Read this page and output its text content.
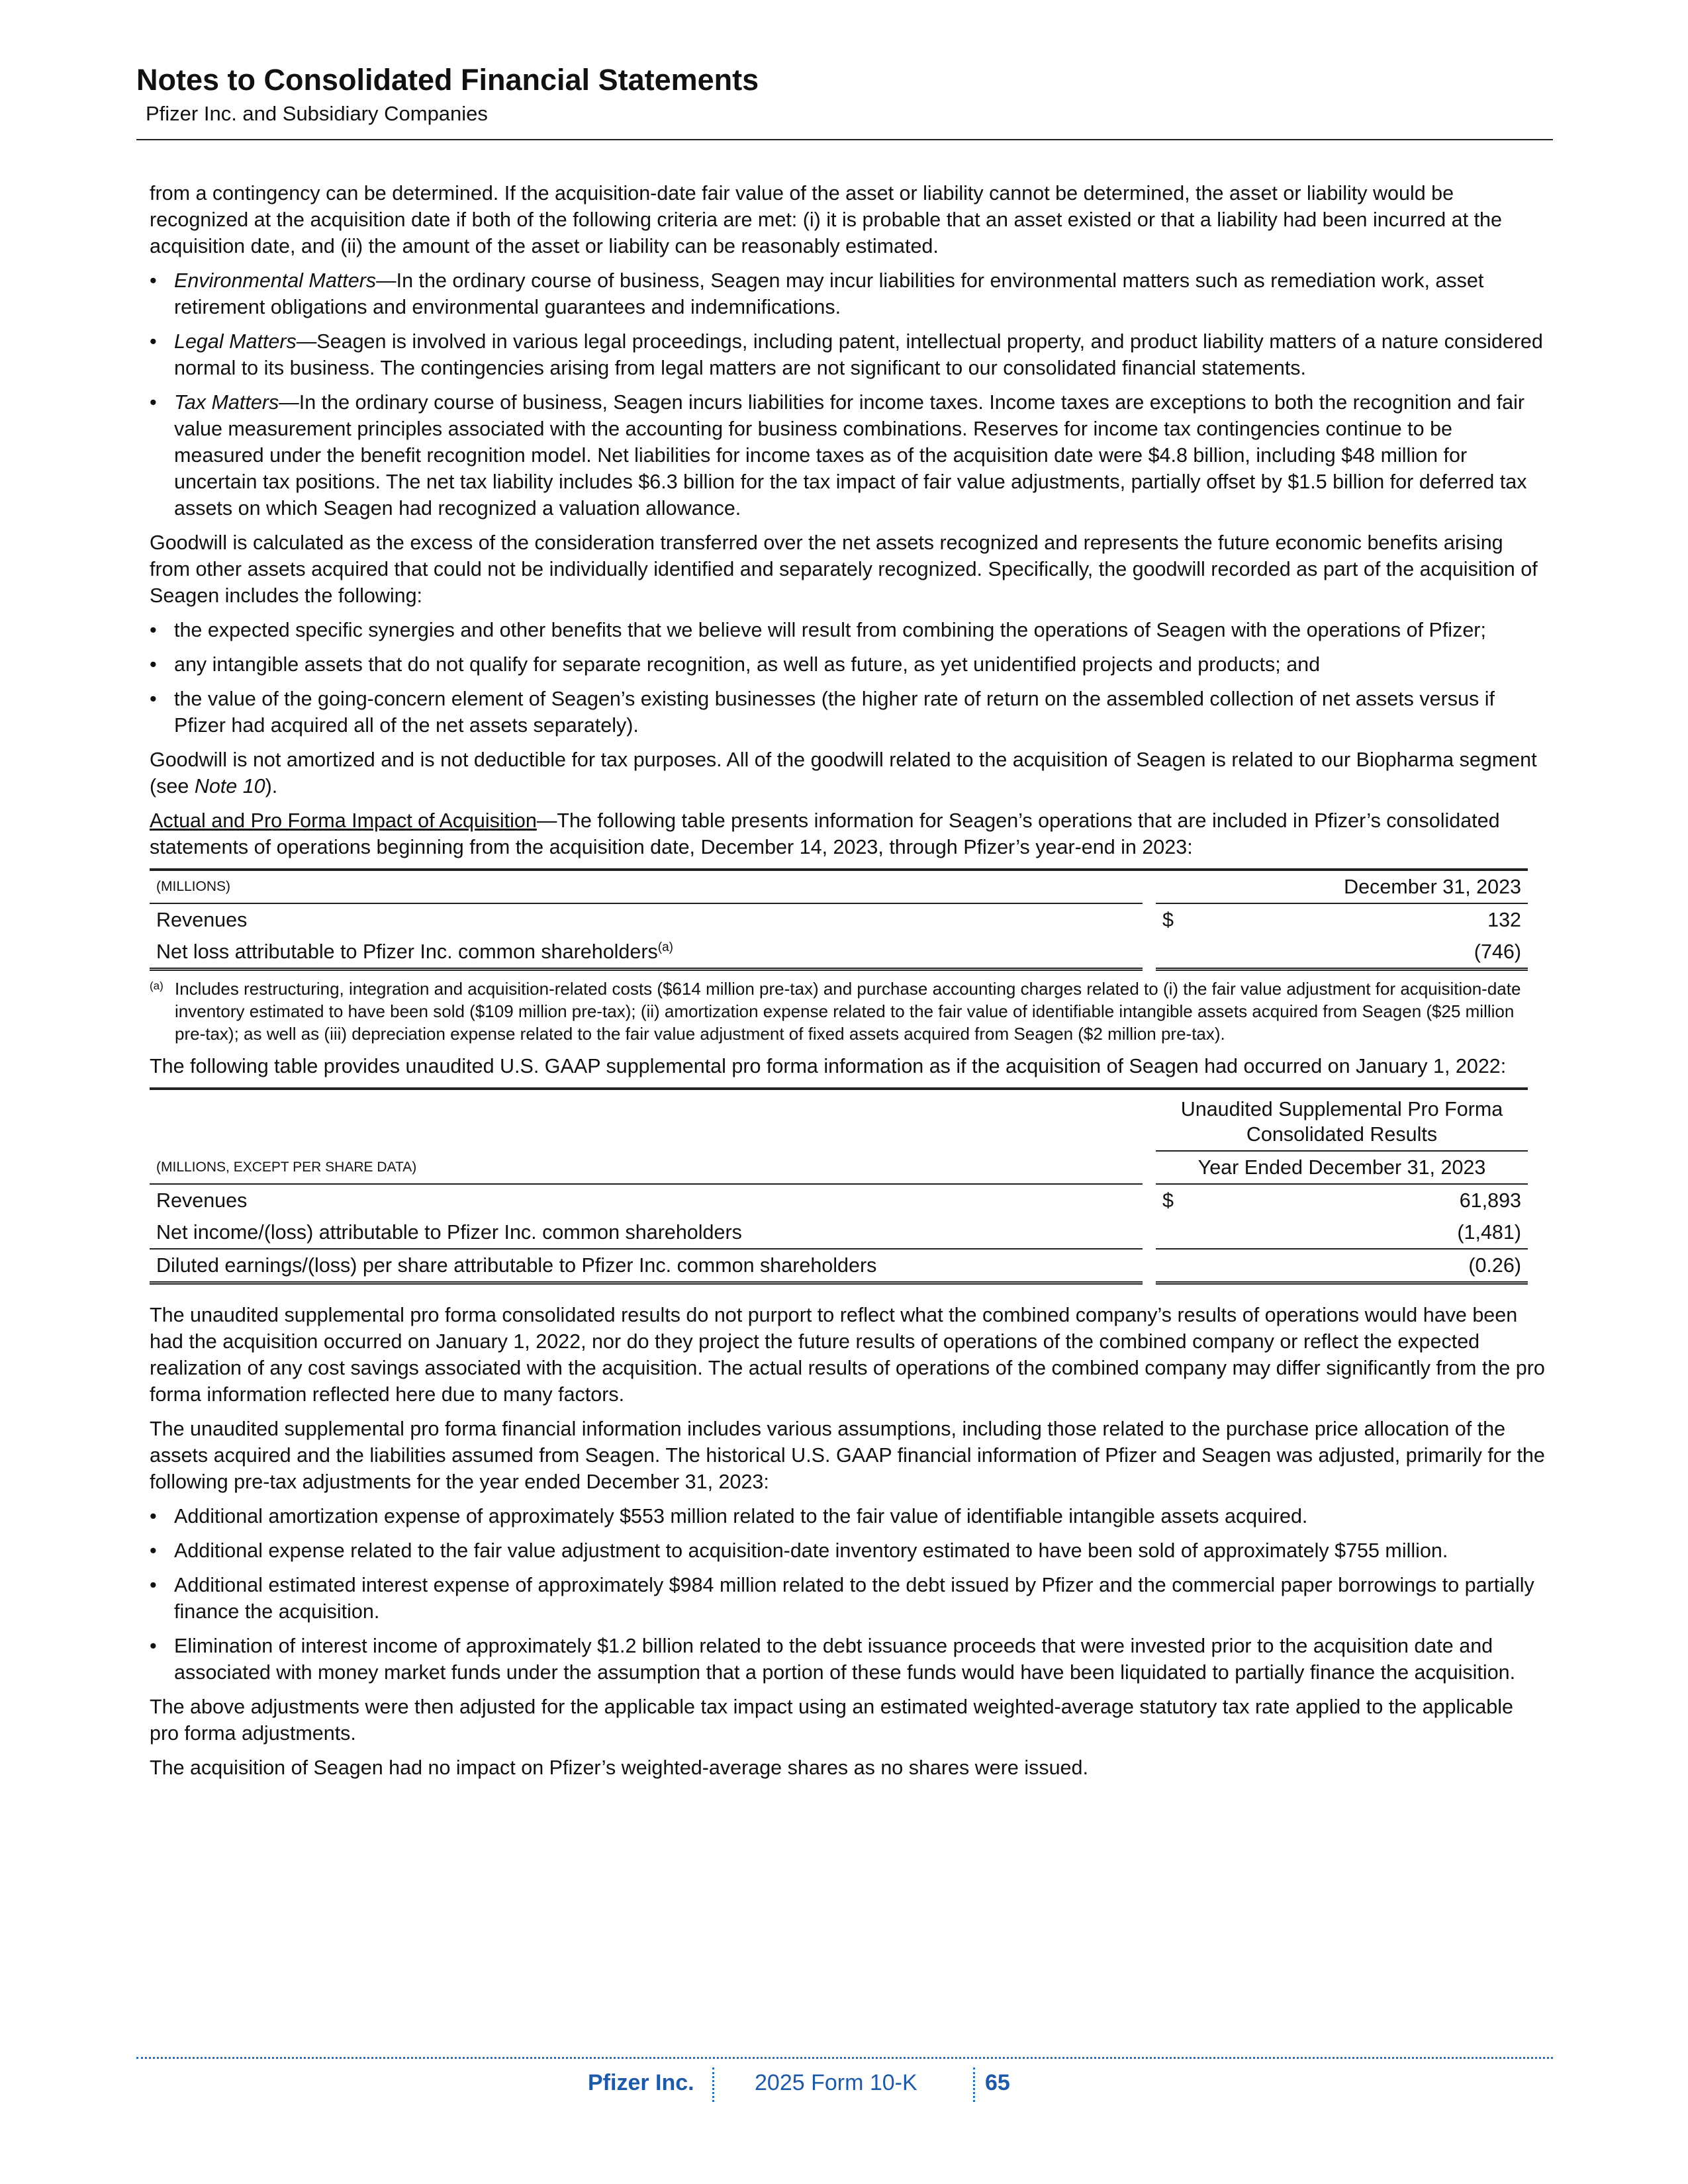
Notes to Consolidated Financial Statements
Pfizer Inc. and Subsidiary Companies

from a contingency can be determined. If the acquisition-date fair value of the asset or liability cannot be determined, the asset or liability would be recognized at the acquisition date if both of the following criteria are met: (i) it is probable that an asset existed or that a liability had been incurred at the acquisition date, and (ii) the amount of the asset or liability can be reasonably estimated.

• Environmental Matters—In the ordinary course of business, Seagen may incur liabilities for environmental matters such as remediation work, asset retirement obligations and environmental guarantees and indemnifications.
• Legal Matters—Seagen is involved in various legal proceedings, including patent, intellectual property, and product liability matters of a nature considered normal to its business. The contingencies arising from legal matters are not significant to our consolidated financial statements.
• Tax Matters—In the ordinary course of business, Seagen incurs liabilities for income taxes. Income taxes are exceptions to both the recognition and fair value measurement principles associated with the accounting for business combinations. Reserves for income tax contingencies continue to be measured under the benefit recognition model. Net liabilities for income taxes as of the acquisition date were $4.8 billion, including $48 million for uncertain tax positions. The net tax liability includes $6.3 billion for the tax impact of fair value adjustments, partially offset by $1.5 billion for deferred tax assets on which Seagen had recognized a valuation allowance.

Goodwill is calculated as the excess of the consideration transferred over the net assets recognized and represents the future economic benefits arising from other assets acquired that could not be individually identified and separately recognized. Specifically, the goodwill recorded as part of the acquisition of Seagen includes the following:

• the expected specific synergies and other benefits that we believe will result from combining the operations of Seagen with the operations of Pfizer;
• any intangible assets that do not qualify for separate recognition, as well as future, as yet unidentified projects and products; and
• the value of the going-concern element of Seagen’s existing businesses (the higher rate of return on the assembled collection of net assets versus if Pfizer had acquired all of the net assets separately).

Goodwill is not amortized and is not deductible for tax purposes. All of the goodwill related to the acquisition of Seagen is related to our Biopharma segment (see Note 10).

Actual and Pro Forma Impact of Acquisition—The following table presents information for Seagen’s operations that are included in Pfizer’s consolidated statements of operations beginning from the acquisition date, December 14, 2023, through Pfizer’s year-end in 2023:

(MILLIONS)		December 31, 2023	
Revenues		$	132
Net loss attributable to Pfizer Inc. common shareholders$^{(a)}$			(746)
(a) Includes restructuring, integration and acquisition-related costs ($614 million pre-tax) and purchase accounting charges related to (i) the fair value adjustment for acquisition-date inventory estimated to have been sold ($109 million pre-tax); (ii) amortization expense related to the fair value of identifiable intangible assets acquired from Seagen ($25 million pre-tax); as well as (iii) depreciation expense related to the fair value adjustment of fixed assets acquired from Seagen ($2 million pre-tax).

The following table provides unaudited U.S. GAAP supplemental pro forma information as if the acquisition of Seagen had occurred on January 1, 2022:

		Unaudited Supplemental Pro Forma Consolidated Results	
(MILLIONS, EXCEPT PER SHARE DATA)		Year Ended December 31, 2023	
Revenues		$	61,893
Net income/(loss) attributable to Pfizer Inc. common shareholders			(1,481)
Diluted earnings/(loss) per share attributable to Pfizer Inc. common shareholders			(0.26)

The unaudited supplemental pro forma consolidated results do not purport to reflect what the combined company’s results of operations would have been had the acquisition occurred on January 1, 2022, nor do they project the future results of operations of the combined company or reflect the expected realization of any cost savings associated with the acquisition. The actual results of operations of the combined company may differ significantly from the pro forma information reflected here due to many factors.

The unaudited supplemental pro forma financial information includes various assumptions, including those related to the purchase price allocation of the assets acquired and the liabilities assumed from Seagen. The historical U.S. GAAP financial information of Pfizer and Seagen was adjusted, primarily for the following pre-tax adjustments for the year ended December 31, 2023:

• Additional amortization expense of approximately $553 million related to the fair value of identifiable intangible assets acquired.
• Additional expense related to the fair value adjustment to acquisition-date inventory estimated to have been sold of approximately $755 million.
• Additional estimated interest expense of approximately $984 million related to the debt issued by Pfizer and the commercial paper borrowings to partially finance the acquisition.
• Elimination of interest income of approximately $1.2 billion related to the debt issuance proceeds that were invested prior to the acquisition date and associated with money market funds under the assumption that a portion of these funds would have been liquidated to partially finance the acquisition.

The above adjustments were then adjusted for the applicable tax impact using an estimated weighted-average statutory tax rate applied to the applicable pro forma adjustments.

The acquisition of Seagen had no impact on Pfizer’s weighted-average shares as no shares were issued.

Pfizer Inc.	2025 Form 10-K	65
